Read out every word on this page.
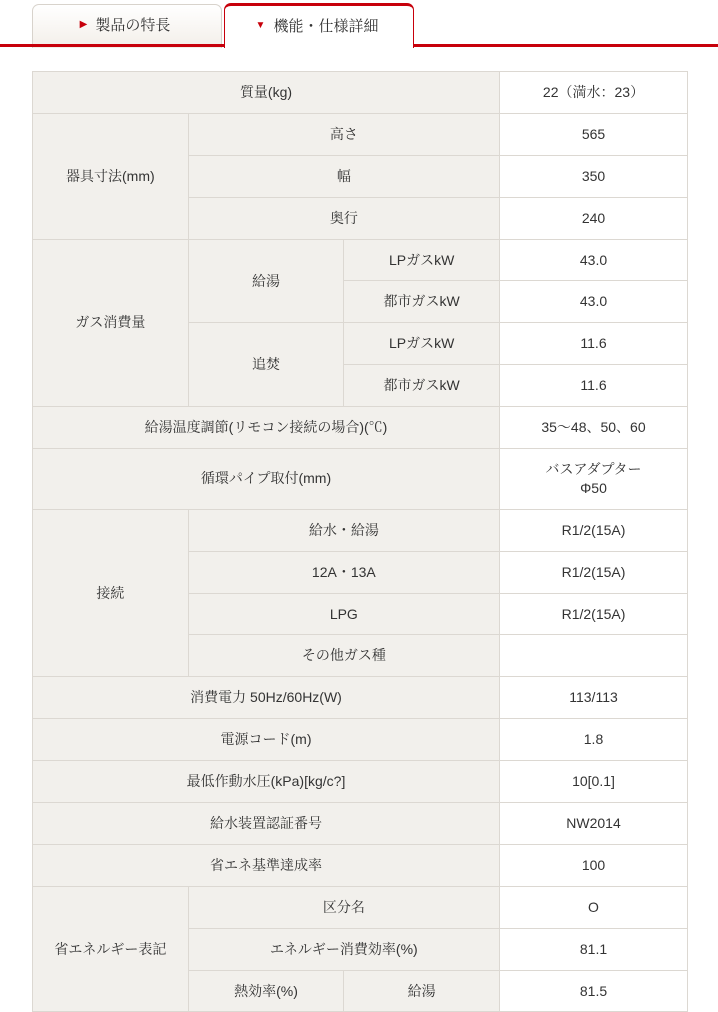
▶ 製品の特長	▼ 機能・仕様詳細
質量(kg)			22（満水：23）
器具寸法(mm)	高さ		565
	幅		350
	奥行		240
ガス消費量	給湯	LPガスkW	43.0
		都市ガスkW	43.0
	追焚	LPガスkW	11.6
		都市ガスkW	11.6
給湯温度調節(リモコン接続の場合)(℃)			35〜48、50、60
循環パイプ取付(mm)			バスアダプター
Φ50
接続	給水・給湯		R1/2(15A)
	12A・13A		R1/2(15A)
	LPG		R1/2(15A)
	その他ガス種		
消費電力 50Hz/60Hz(W)			113/113
電源コード(m)			1.8
最低作動水圧(kPa)[kg/c?]			10[0.1]
給水装置認証番号			NW2014
省エネ基準達成率			100
省エネルギー表記	区分名		O
	エネルギー消費効率(%)		81.1
	熱効率(%)	給湯	81.5
